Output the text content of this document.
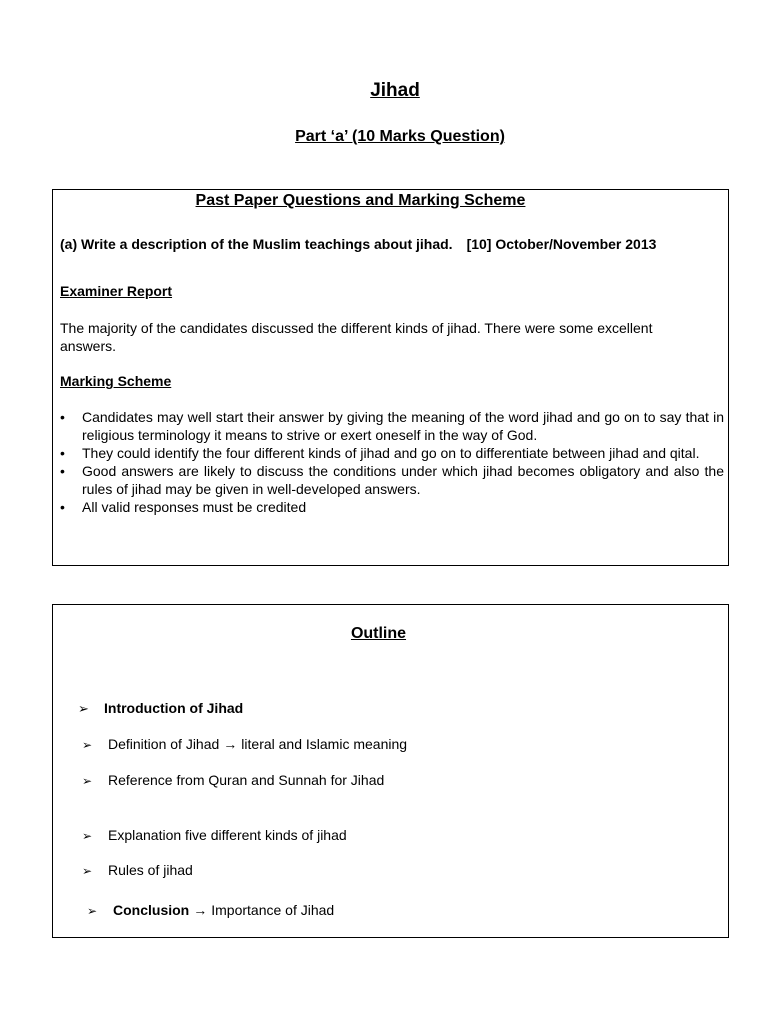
Jihad
Part ‘a’ (10 Marks Question)
Past Paper Questions and Marking Scheme
(a) Write a description of the Muslim teachings about jihad. [10] October/November 2013
Examiner Report
The majority of the candidates discussed the different kinds of jihad. There were some excellent answers.
Marking Scheme
• Candidates may well start their answer by giving the meaning of the word jihad and go on to say that in religious terminology it means to strive or exert oneself in the way of God.
• They could identify the four different kinds of jihad and go on to differentiate between jihad and qital.
• Good answers are likely to discuss the conditions under which jihad becomes obligatory and also the rules of jihad may be given in well-developed answers.
• All valid responses must be credited
Outline
➢ Introduction of Jihad
➢ Definition of Jihad → literal and Islamic meaning
➢ Reference from Quran and Sunnah for Jihad
➢ Explanation five different kinds of jihad
➢ Rules of jihad
➢ Conclusion → Importance of Jihad
